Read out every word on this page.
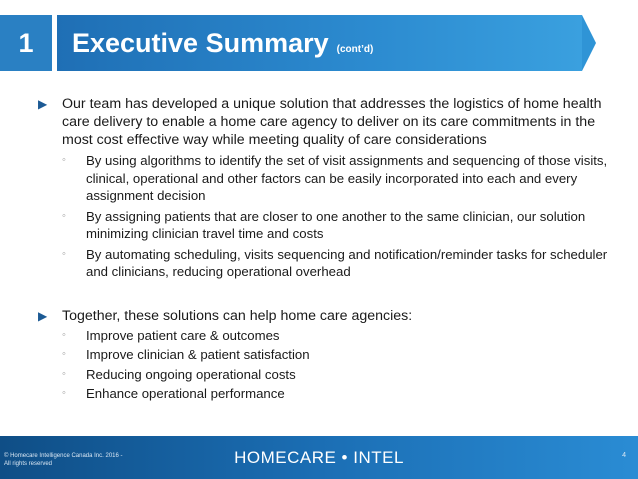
1 Executive Summary (cont’d)
▶ Our team has developed a unique solution that addresses the logistics of home health care delivery to enable a home care agency to deliver on its care commitments in the most cost effective way while meeting quality of care considerations
◦ By using algorithms to identify the set of visit assignments and sequencing of those visits, clinical, operational and other factors can be easily incorporated into each and every assignment decision
◦ By assigning patients that are closer to one another to the same clinician, our solution minimizing clinician travel time and costs
◦ By automating scheduling, visits sequencing and notification/reminder tasks for scheduler and clinicians, reducing operational overhead
▶ Together, these solutions can help home care agencies:
◦ Improve patient care & outcomes
◦ Improve clinician & patient satisfaction
◦ Reducing ongoing operational costs
◦ Enhance operational performance
© Homecare Intelligence Canada Inc. 2016 - All rights reserved	HOMECARE • INTEL	4
